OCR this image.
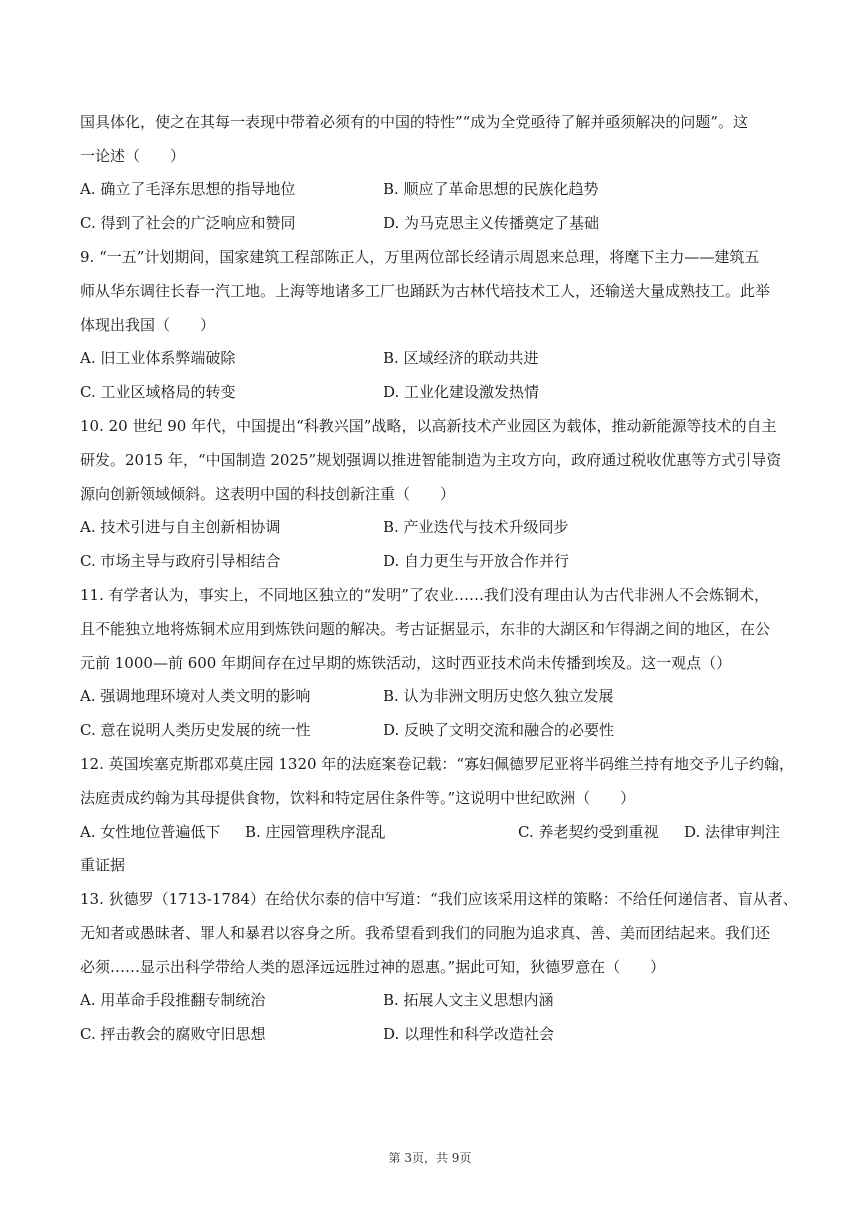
国具体化，使之在其每一表现中带着必须有的中国的特性”“成为全党亟待了解并亟须解决的问题”。这
一论述（　　）
A. 确立了毛泽东思想的指导地位	B. 顺应了革命思想的民族化趋势
C. 得到了社会的广泛响应和赞同	D. 为马克思主义传播奠定了基础
9. “一五”计划期间，国家建筑工程部陈正人，万里两位部长经请示周恩来总理，将麾下主力——建筑五
师从华东调往长春一汽工地。上海等地诸多工厂也踊跃为古林代培技术工人，还输送大量成熟技工。此举
体现出我国（　　）
A. 旧工业体系弊端破除	B. 区域经济的联动共进
C. 工业区域格局的转变	D. 工业化建设激发热情
10. 20 世纪 90 年代，中国提出“科教兴国”战略，以高新技术产业园区为载体，推动新能源等技术的自主
研发。2015 年，“中国制造 2025”规划强调以推进智能制造为主攻方向，政府通过税收优惠等方式引导资
源向创新领域倾斜。这表明中国的科技创新注重（　　）
A. 技术引进与自主创新相协调	B. 产业迭代与技术升级同步
C. 市场主导与政府引导相结合	D. 自力更生与开放合作并行
11. 有学者认为，事实上，不同地区独立的“发明”了农业……我们没有理由认为古代非洲人不会炼铜术，
且不能独立地将炼铜术应用到炼铁问题的解决。考古证据显示，东非的大湖区和乍得湖之间的地区，在公
元前 1000—前 600 年期间存在过早期的炼铁活动，这时西亚技术尚未传播到埃及。这一观点（）
A. 强调地理环境对人类文明的影响	B. 认为非洲文明历史悠久独立发展
C. 意在说明人类历史发展的统一性	D. 反映了文明交流和融合的必要性
12. 英国埃塞克斯郡邓莫庄园 1320 年的法庭案卷记载：“寡妇佩德罗尼亚将半码维兰持有地交予儿子约翰，
法庭责成约翰为其母提供食物，饮料和特定居住条件等。”这说明中世纪欧洲（　　）
A. 女性地位普遍低下 B. 庄园管理秩序混乱	C. 养老契约受到重视 D. 法律审判注
重证据
13. 狄德罗（1713-1784）在给伏尔泰的信中写道：“我们应该采用这样的策略：不给任何递信者、盲从者、
无知者或愚昧者、罪人和暴君以容身之所。我希望看到我们的同胞为追求真、善、美而团结起来。我们还
必须……显示出科学带给人类的恩泽远远胜过神的恩惠。”据此可知，狄德罗意在（　　）
A. 用革命手段推翻专制统治	B. 拓展人文主义思想内涵
C. 抨击教会的腐败守旧思想	D. 以理性和科学改造社会
第 3页，共 9页
